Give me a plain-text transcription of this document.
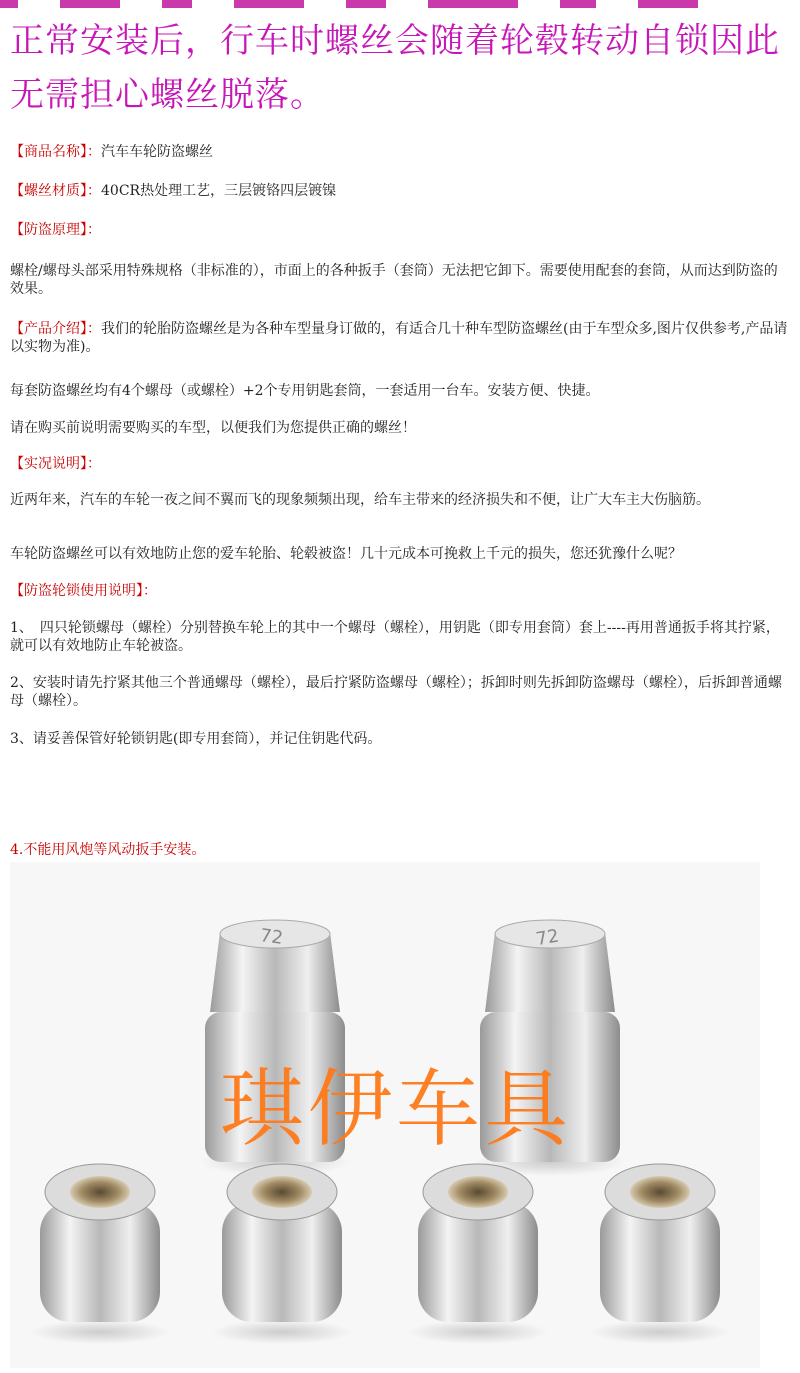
正常安装后，行车时螺丝会随着轮毂转动自锁因此无需担心螺丝脱落。
【商品名称】：汽车车轮防盗螺丝
【螺丝材质】：40CR热处理工艺，三层镀铬四层镀镍
【防盗原理】：
螺栓/螺母头部采用特殊规格（非标准的），市面上的各种扳手（套筒）无法把它卸下。需要使用配套的套筒，从而达到防盗的效果。
【产品介绍】：我们的轮胎防盗螺丝是为各种车型量身订做的，有适合几十种车型防盗螺丝(由于车型众多,图片仅供参考,产品请以实物为准)。
每套防盗螺丝均有4个螺母（或螺栓）+2个专用钥匙套筒，一套适用一台车。安装方便、快捷。
请在购买前说明需要购买的车型，以便我们为您提供正确的螺丝！
【实况说明】：
近两年来，汽车的车轮一夜之间不翼而飞的现象频频出现，给车主带来的经济损失和不便，让广大车主大伤脑筋。
车轮防盗螺丝可以有效地防止您的爱车轮胎、轮毂被盗！几十元成本可挽救上千元的损失，您还犹豫什么呢？
【防盗轮锁使用说明】：
1、　四只轮锁螺母（螺栓）分别替换车轮上的其中一个螺母（螺栓），用钥匙（即专用套筒）套上----再用普通扳手将其拧紧，就可以有效地防止车轮被盗。
2、安装时请先拧紧其他三个普通螺母（螺栓），最后拧紧防盗螺母（螺栓）；拆卸时则先拆卸防盗螺母（螺栓），后拆卸普通螺母（螺栓）。
3、请妥善保管好轮锁钥匙(即专用套筒），并记住钥匙代码。
4.不能用风炮等风动扳手安装。
72	72
琪伊车具
